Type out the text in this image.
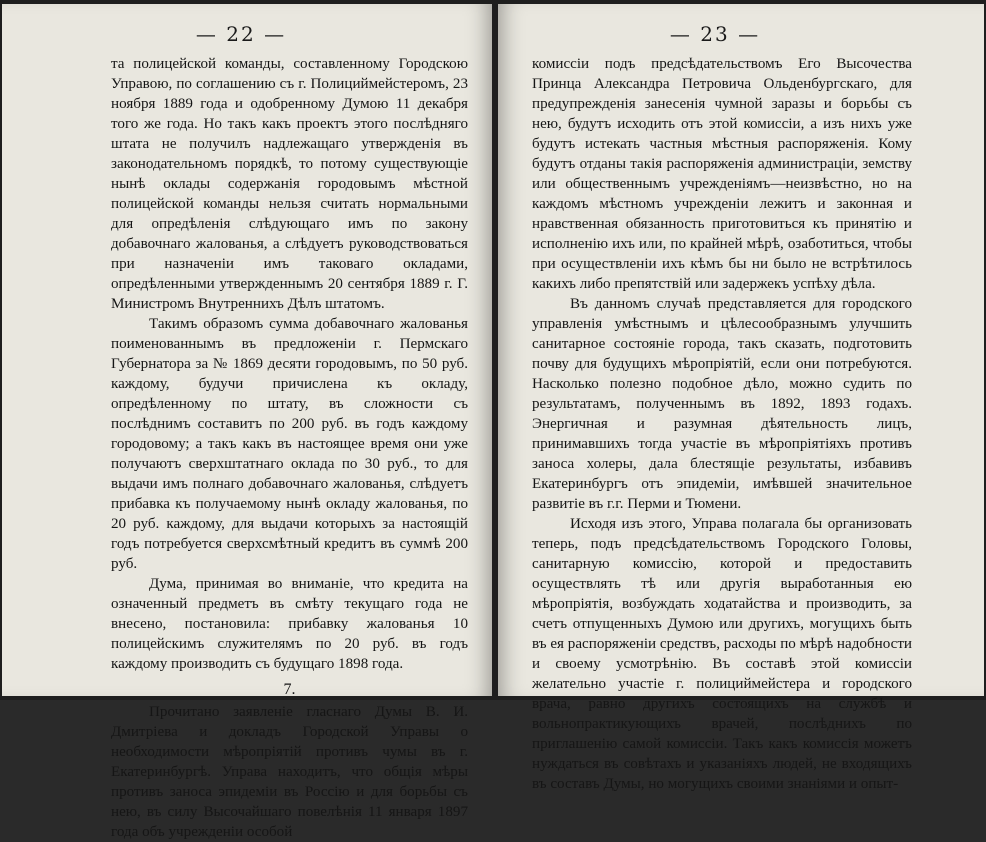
— 22 —

та полицейской команды, составленному Городскою Управою, по соглашению съ г. Полициймейстеромъ, 23 ноября 1889 года и одобренному Думою 11 декабря того же года. Но такъ какъ проектъ этого послѣдняго штата не получилъ надлежащаго утвержденія въ законодательномъ порядкѣ, то потому существующіе нынѣ оклады содержанія городовымъ мѣстной полицейской команды нельзя считать нормальными для опредѣленія слѣдующаго имъ по закону добавочнаго жалованья, а слѣдуетъ руководствоваться при назначеніи имъ таковаго окладами, опредѣленными утвержденнымъ 20 сентября 1889 г. Г. Министромъ Внутреннихъ Дѣлъ штатомъ.

Такимъ образомъ сумма добавочнаго жалованья поименованнымъ въ предложеніи г. Пермскаго Губернатора за № 1869 десяти городовымъ, по 50 руб. каждому, будучи причислена къ окладу, опредѣленному по штату, въ сложности съ послѣднимъ составитъ по 200 руб. въ годъ каждому городовому; а такъ какъ въ настоящее время они уже получаютъ сверхштатнаго оклада по 30 руб., то для выдачи имъ полнаго добавочнаго жалованья, слѣдуетъ прибавка къ получаемому нынѣ окладу жалованья, по 20 руб. каждому, для выдачи которыхъ за настоящій годъ потребуется сверхсмѣтный кредитъ въ суммѣ 200 руб.

Дума, принимая во вниманіе, что кредита на означенный предметъ въ смѣту текущаго года не внесено, постановила: прибавку жалованья 10 полицейскимъ служителямъ по 20 руб. въ годъ каждому производить съ будущаго 1898 года.

7.

Прочитано заявленіе гласнаго Думы В. И. Дмитріева и докладъ Городской Управы о необходимости мѣропріятій противъ чумы въ г. Екатеринбургѣ. Управа находитъ, что общія мѣры противъ заноса эпидеміи въ Россію и для борьбы съ нею, въ силу Высочайшаго повелѣнія 11 января 1897 года объ учрежденіи особой

— 23 —

комиссіи подъ предсѣдательствомъ Его Высочества Принца Александра Петровича Ольденбургскаго, для предупрежденія занесенія чумной заразы и борьбы съ нею, будутъ исходить отъ этой комиссіи, а изъ нихъ уже будутъ истекать частныя мѣстныя распоряженія. Кому будутъ отданы такія распоряженія администраціи, земству или общественнымъ учрежденіямъ—неизвѣстно, но на каждомъ мѣстномъ учрежденіи лежитъ и законная и нравственная обязанность приготовиться къ принятію и исполненію ихъ или, по крайней мѣрѣ, озаботиться, чтобы при осуществленіи ихъ кѣмъ бы ни было не встрѣтилось какихъ либо препятствій или задержекъ успѣху дѣла.

Въ данномъ случаѣ представляется для городского управленія умѣстнымъ и цѣлесообразнымъ улучшить санитарное состояніе города, такъ сказать, подготовить почву для будущихъ мѣропріятій, если они потребуются. Насколько полезно подобное дѣло, можно судить по результатамъ, полученнымъ въ 1892, 1893 годахъ. Энергичная и разумная дѣятельность лицъ, принимавшихъ тогда участіе въ мѣропріятіяхъ противъ заноса холеры, дала блестящіе результаты, избавивъ Екатеринбургъ отъ эпидеміи, имѣвшей значительное развитіе въ г.г. Перми и Тюмени.

Исходя изъ этого, Управа полагала бы организовать теперь, подъ предсѣдательствомъ Городского Головы, санитарную комиссію, которой и предоставить осуществлять тѣ или другія выработанныя ею мѣропріятія, возбуждать ходатайства и производить, за счетъ отпущенныхъ Думою или другихъ, могущихъ быть въ ея распоряженіи средствъ, расходы по мѣрѣ надобности и своему усмотрѣнію. Въ составѣ этой комиссіи желательно участіе г. полициймейстера и городского врача, равно другихъ состоящихъ на службѣ и вольнопрактикующихъ врачей, послѣднихъ по приглашенію самой комиссіи. Такъ какъ комиссія можетъ нуждаться въ совѣтахъ и указаніяхъ людей, не входящихъ въ составъ Думы, но могущихъ своими знаніями и опыт-
